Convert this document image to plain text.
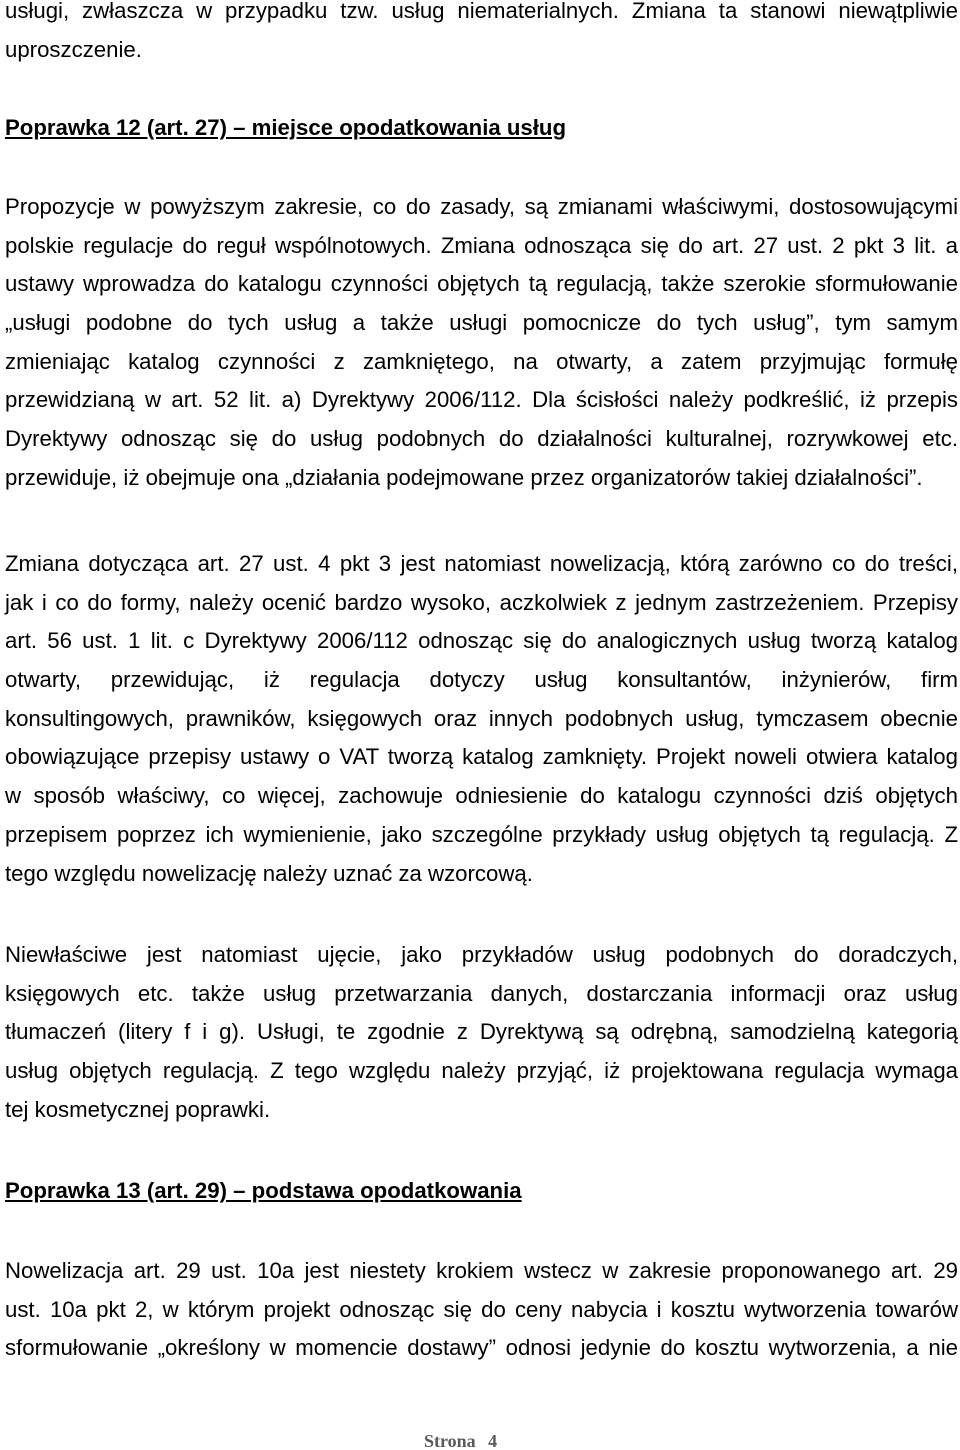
usługi, zwłaszcza w przypadku tzw. usług niematerialnych. Zmiana ta stanowi niewątpliwie
uproszczenie.
Poprawka 12 (art. 27) – miejsce opodatkowania usług
Propozycje w powyższym zakresie, co do zasady, są zmianami właściwymi, dostosowującymi
polskie regulacje do reguł wspólnotowych. Zmiana odnosząca się do art. 27 ust. 2 pkt 3 lit. a
ustawy wprowadza do katalogu czynności objętych tą regulacją, także szerokie sformułowanie
„usługi podobne do tych usług a także usługi pomocnicze do tych usług”, tym samym
zmieniając katalog czynności z zamkniętego, na otwarty, a zatem przyjmując formułę
przewidzianą w art. 52 lit. a) Dyrektywy 2006/112. Dla ścisłości należy podkreślić, iż przepis
Dyrektywy odnosząc się do usług podobnych do działalności kulturalnej, rozrywkowej etc.
przewiduje, iż obejmuje ona „działania podejmowane przez organizatorów takiej działalności”.
Zmiana dotycząca art. 27 ust. 4 pkt 3 jest natomiast nowelizacją, którą zarówno co do treści,
jak i co do formy, należy ocenić bardzo wysoko, aczkolwiek z jednym zastrzeżeniem. Przepisy
art. 56 ust. 1 lit. c Dyrektywy 2006/112 odnosząc się do analogicznych usług tworzą katalog
otwarty, przewidując, iż regulacja dotyczy usług konsultantów, inżynierów, firm
konsultingowych, prawników, księgowych oraz innych podobnych usług, tymczasem obecnie
obowiązujące przepisy ustawy o VAT tworzą katalog zamknięty. Projekt noweli otwiera katalog
w sposób właściwy, co więcej, zachowuje odniesienie do katalogu czynności dziś objętych
przepisem poprzez ich wymienienie, jako szczególne przykłady usług objętych tą regulacją. Z
tego względu nowelizację należy uznać za wzorcową.
Niewłaściwe jest natomiast ujęcie, jako przykładów usług podobnych do doradczych,
księgowych etc. także usług przetwarzania danych, dostarczania informacji oraz usług
tłumaczeń (litery f i g). Usługi, te zgodnie z Dyrektywą są odrębną, samodzielną kategorią
usług objętych regulacją. Z tego względu należy przyjąć, iż projektowana regulacja wymaga
tej kosmetycznej poprawki.
Poprawka 13 (art. 29) – podstawa opodatkowania
Nowelizacja art. 29 ust. 10a jest niestety krokiem wstecz w zakresie proponowanego art. 29
ust. 10a pkt 2, w którym projekt odnosząc się do ceny nabycia i kosztu wytworzenia towarów
sformułowanie „określony w momencie dostawy” odnosi jedynie do kosztu wytworzenia, a nie
Strona 4
